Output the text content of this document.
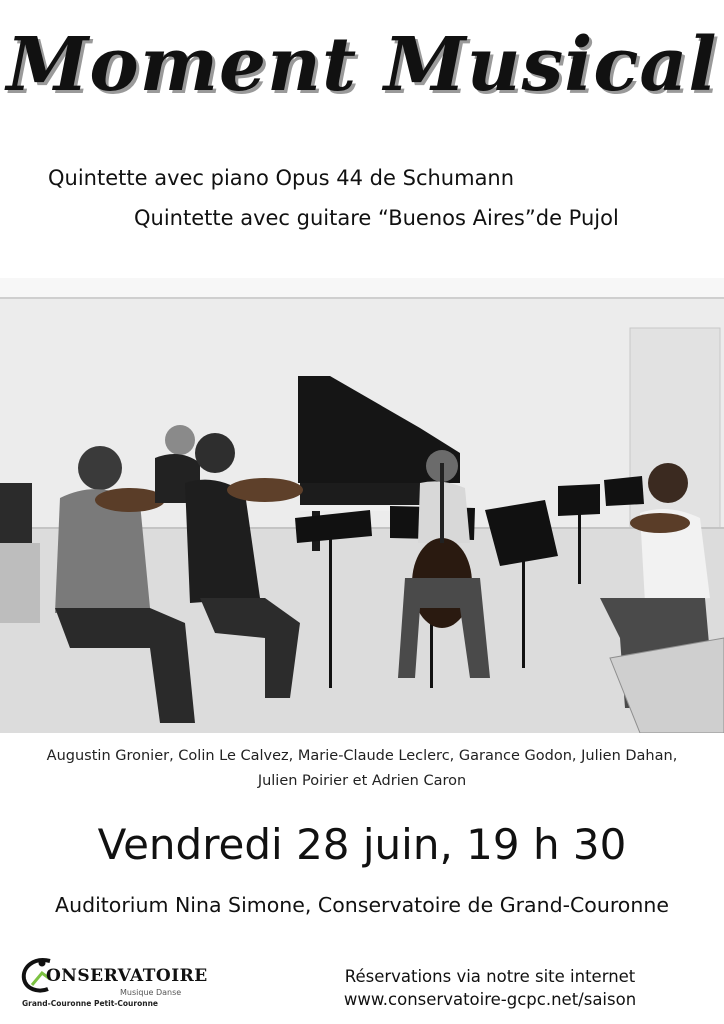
Moment Musical
Quintette avec piano Opus 44 de Schumann
Quintette avec guitare “Buenos Aires”de Pujol
Augustin Gronier, Colin Le Calvez, Marie-Claude Leclerc, Garance Godon, Julien Dahan,
Julien Poirier et Adrien Caron
Vendredi 28 juin, 19 h 30
Auditorium Nina Simone, Conservatoire de Grand-Couronne
ONSERVATOIRE
Musique Danse
Grand-Couronne Petit-Couronne
Réservations via notre site internet
www.conservatoire-gcpc.net/saison
